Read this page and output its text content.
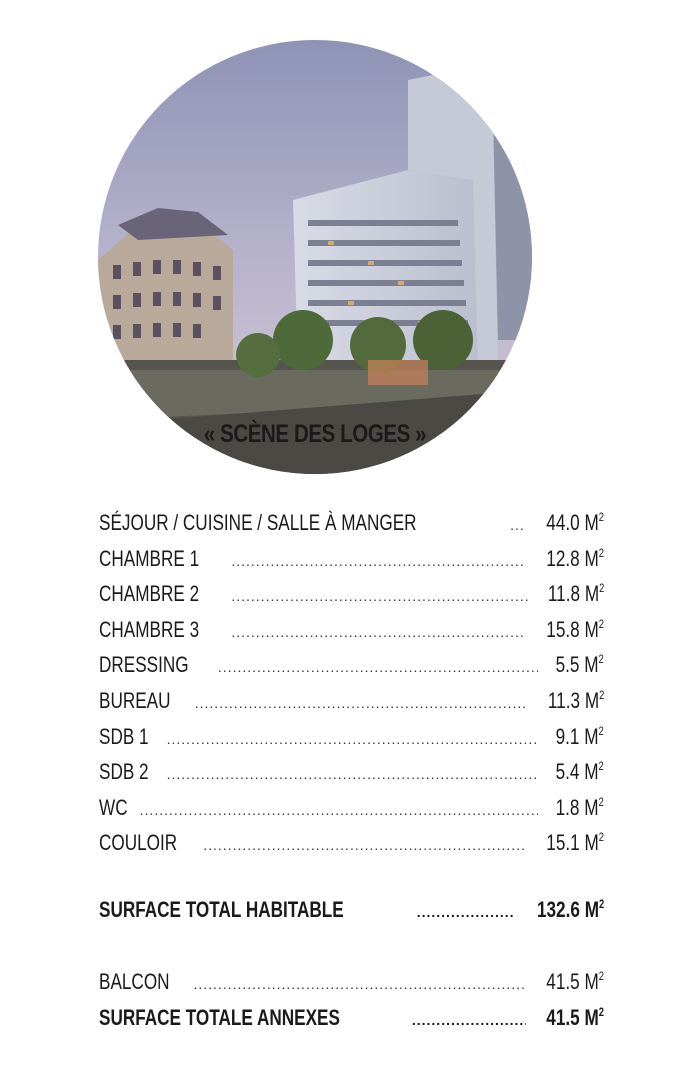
« SCÈNE DES LOGES »
SÉJOUR / CUISINE / SALLE À MANGER .....	44.0 $M^2$
CHAMBRE 1 .....	12.8 $M^2$
CHAMBRE 2 .....	11.8 $M^2$
CHAMBRE 3 .....	15.8 $M^2$
DRESSING .....	5.5 $M^2$
BUREAU .....	11.3 $M^2$
SDB 1 .....	9.1 $M^2$
SDB 2 .....	5.4 $M^2$
WC .....	1.8 $M^2$
COULOIR .....	15.1 $M^2$
SURFACE TOTAL HABITABLE .....	132.6 $M^2$
BALCON .....	41.5 $M^2$
SURFACE TOTALE ANNEXES .....	41.5 $M^2$
